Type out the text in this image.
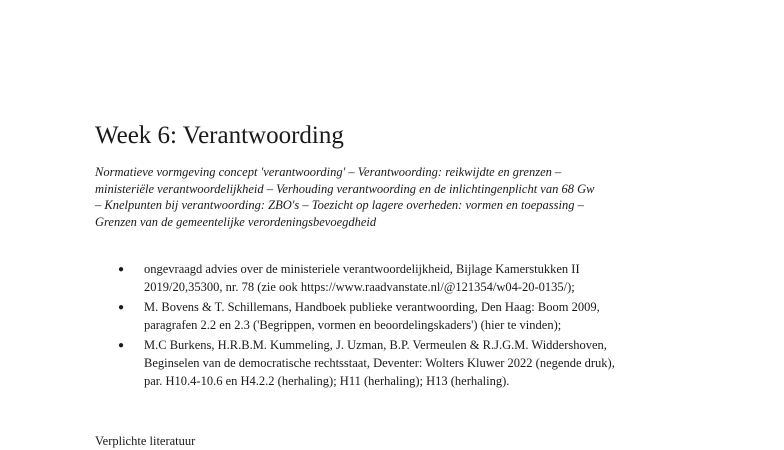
Week 6: Verantwoording
Normatieve vormgeving concept 'verantwoording' – Verantwoording: reikwijdte en grenzen –
ministeriële verantwoordelijkheid – Verhouding verantwoording en de inlichtingenplicht van 68 Gw
– Knelpunten bij verantwoording: ZBO's – Toezicht op lagere overheden: vormen en toepassing –
Grenzen van de gemeentelijke verordeningsbevoegdheid
● ongevraagd advies over de ministeriele verantwoordelijkheid, Bijlage Kamerstukken II
2019/20,35300, nr. 78 (zie ook https://www.raadvanstate.nl/@121354/w04-20-0135/);
● M. Bovens & T. Schillemans, Handboek publieke verantwoording, Den Haag: Boom 2009,
paragrafen 2.2 en 2.3 ('Begrippen, vormen en beoordelingskaders') (hier te vinden);
● M.C Burkens, H.R.B.M. Kummeling, J. Uzman, B.P. Vermeulen & R.J.G.M. Widdershoven,
Beginselen van de democratische rechtsstaat, Deventer: Wolters Kluwer 2022 (negende druk),
par. H10.4-10.6 en H4.2.2 (herhaling); H11 (herhaling); H13 (herhaling).
Verplichte literatuur
